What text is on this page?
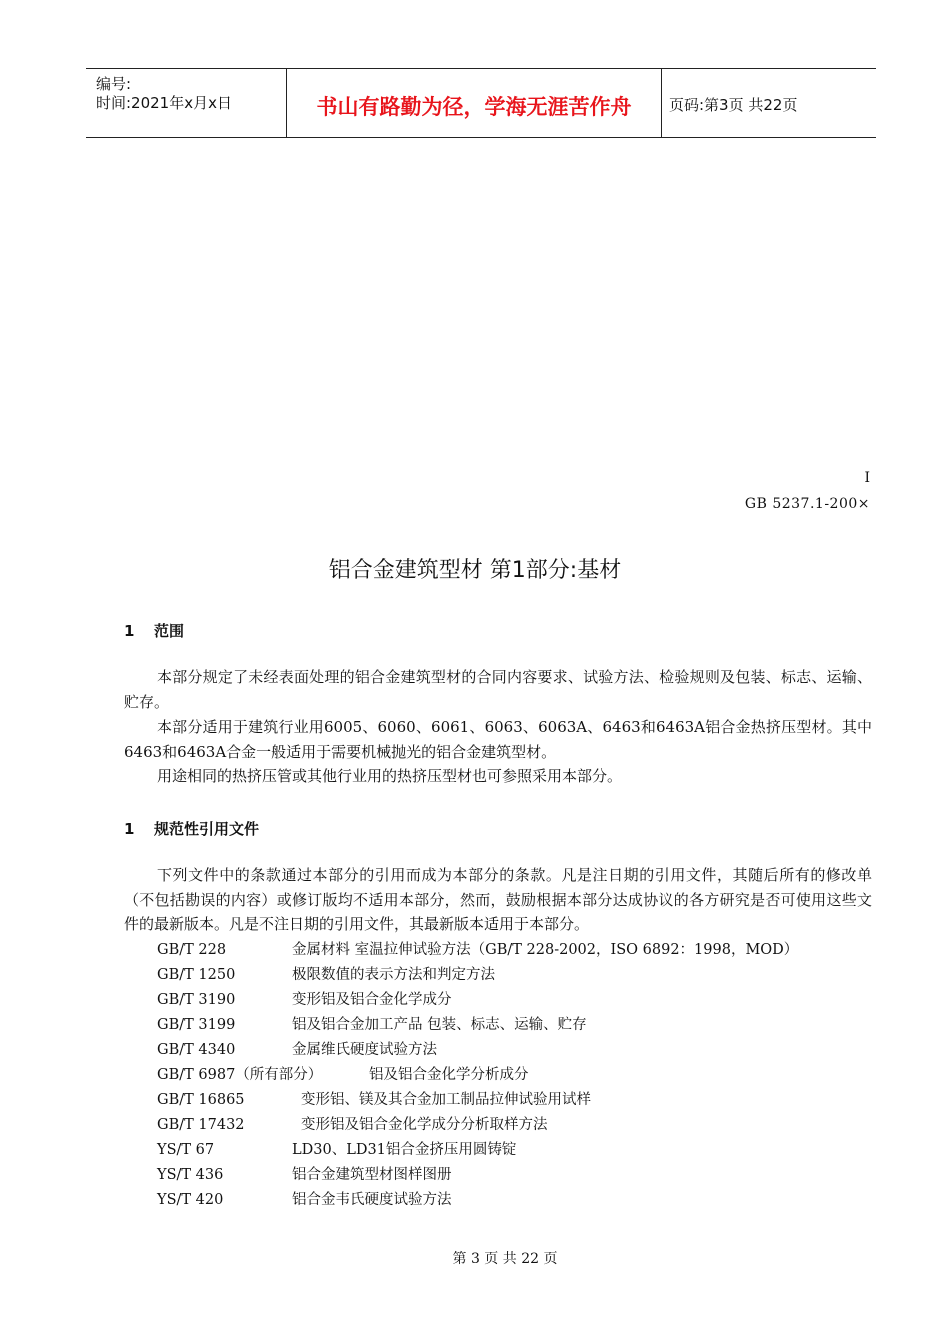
编号:
时间:2021年x月x日	书山有路勤为径，学海无涯苦作舟	页码:第3页 共22页
I
GB 5237.1-200×
铝合金建筑型材 第1部分:基材
1 范围
本部分规定了未经表面处理的铝合金建筑型材的合同内容要求、试验方法、检验规则及包装、标志、运输、贮存。
本部分适用于建筑行业用6005、6060、6061、6063、6063A、6463和6463A铝合金热挤压型材。其中6463和6463A合金一般适用于需要机械抛光的铝合金建筑型材。
用途相同的热挤压管或其他行业用的热挤压型材也可参照采用本部分。
1 规范性引用文件
下列文件中的条款通过本部分的引用而成为本部分的条款。凡是注日期的引用文件，其随后所有的修改单（不包括勘误的内容）或修订版均不适用本部分，然而，鼓励根据本部分达成协议的各方研究是否可使用这些文件的最新版本。凡是不注日期的引用文件，其最新版本适用于本部分。
GB/T 228	金属材料 室温拉伸试验方法（GB/T 228-2002，ISO 6892：1998，MOD）
GB/T 1250	极限数值的表示方法和判定方法
GB/T 3190	变形铝及铝合金化学成分
GB/T 3199	铝及铝合金加工产品 包装、标志、运输、贮存
GB/T 4340	金属维氏硬度试验方法
GB/T 6987（所有部分）	铝及铝合金化学分析成分
GB/T 16865	变形铝、镁及其合金加工制品拉伸试验用试样
GB/T 17432	变形铝及铝合金化学成分分析取样方法
YS/T 67	LD30、LD31铝合金挤压用圆铸锭
YS/T 436	铝合金建筑型材图样图册
YS/T 420	铝合金韦氏硬度试验方法
第 3 页 共 22 页
